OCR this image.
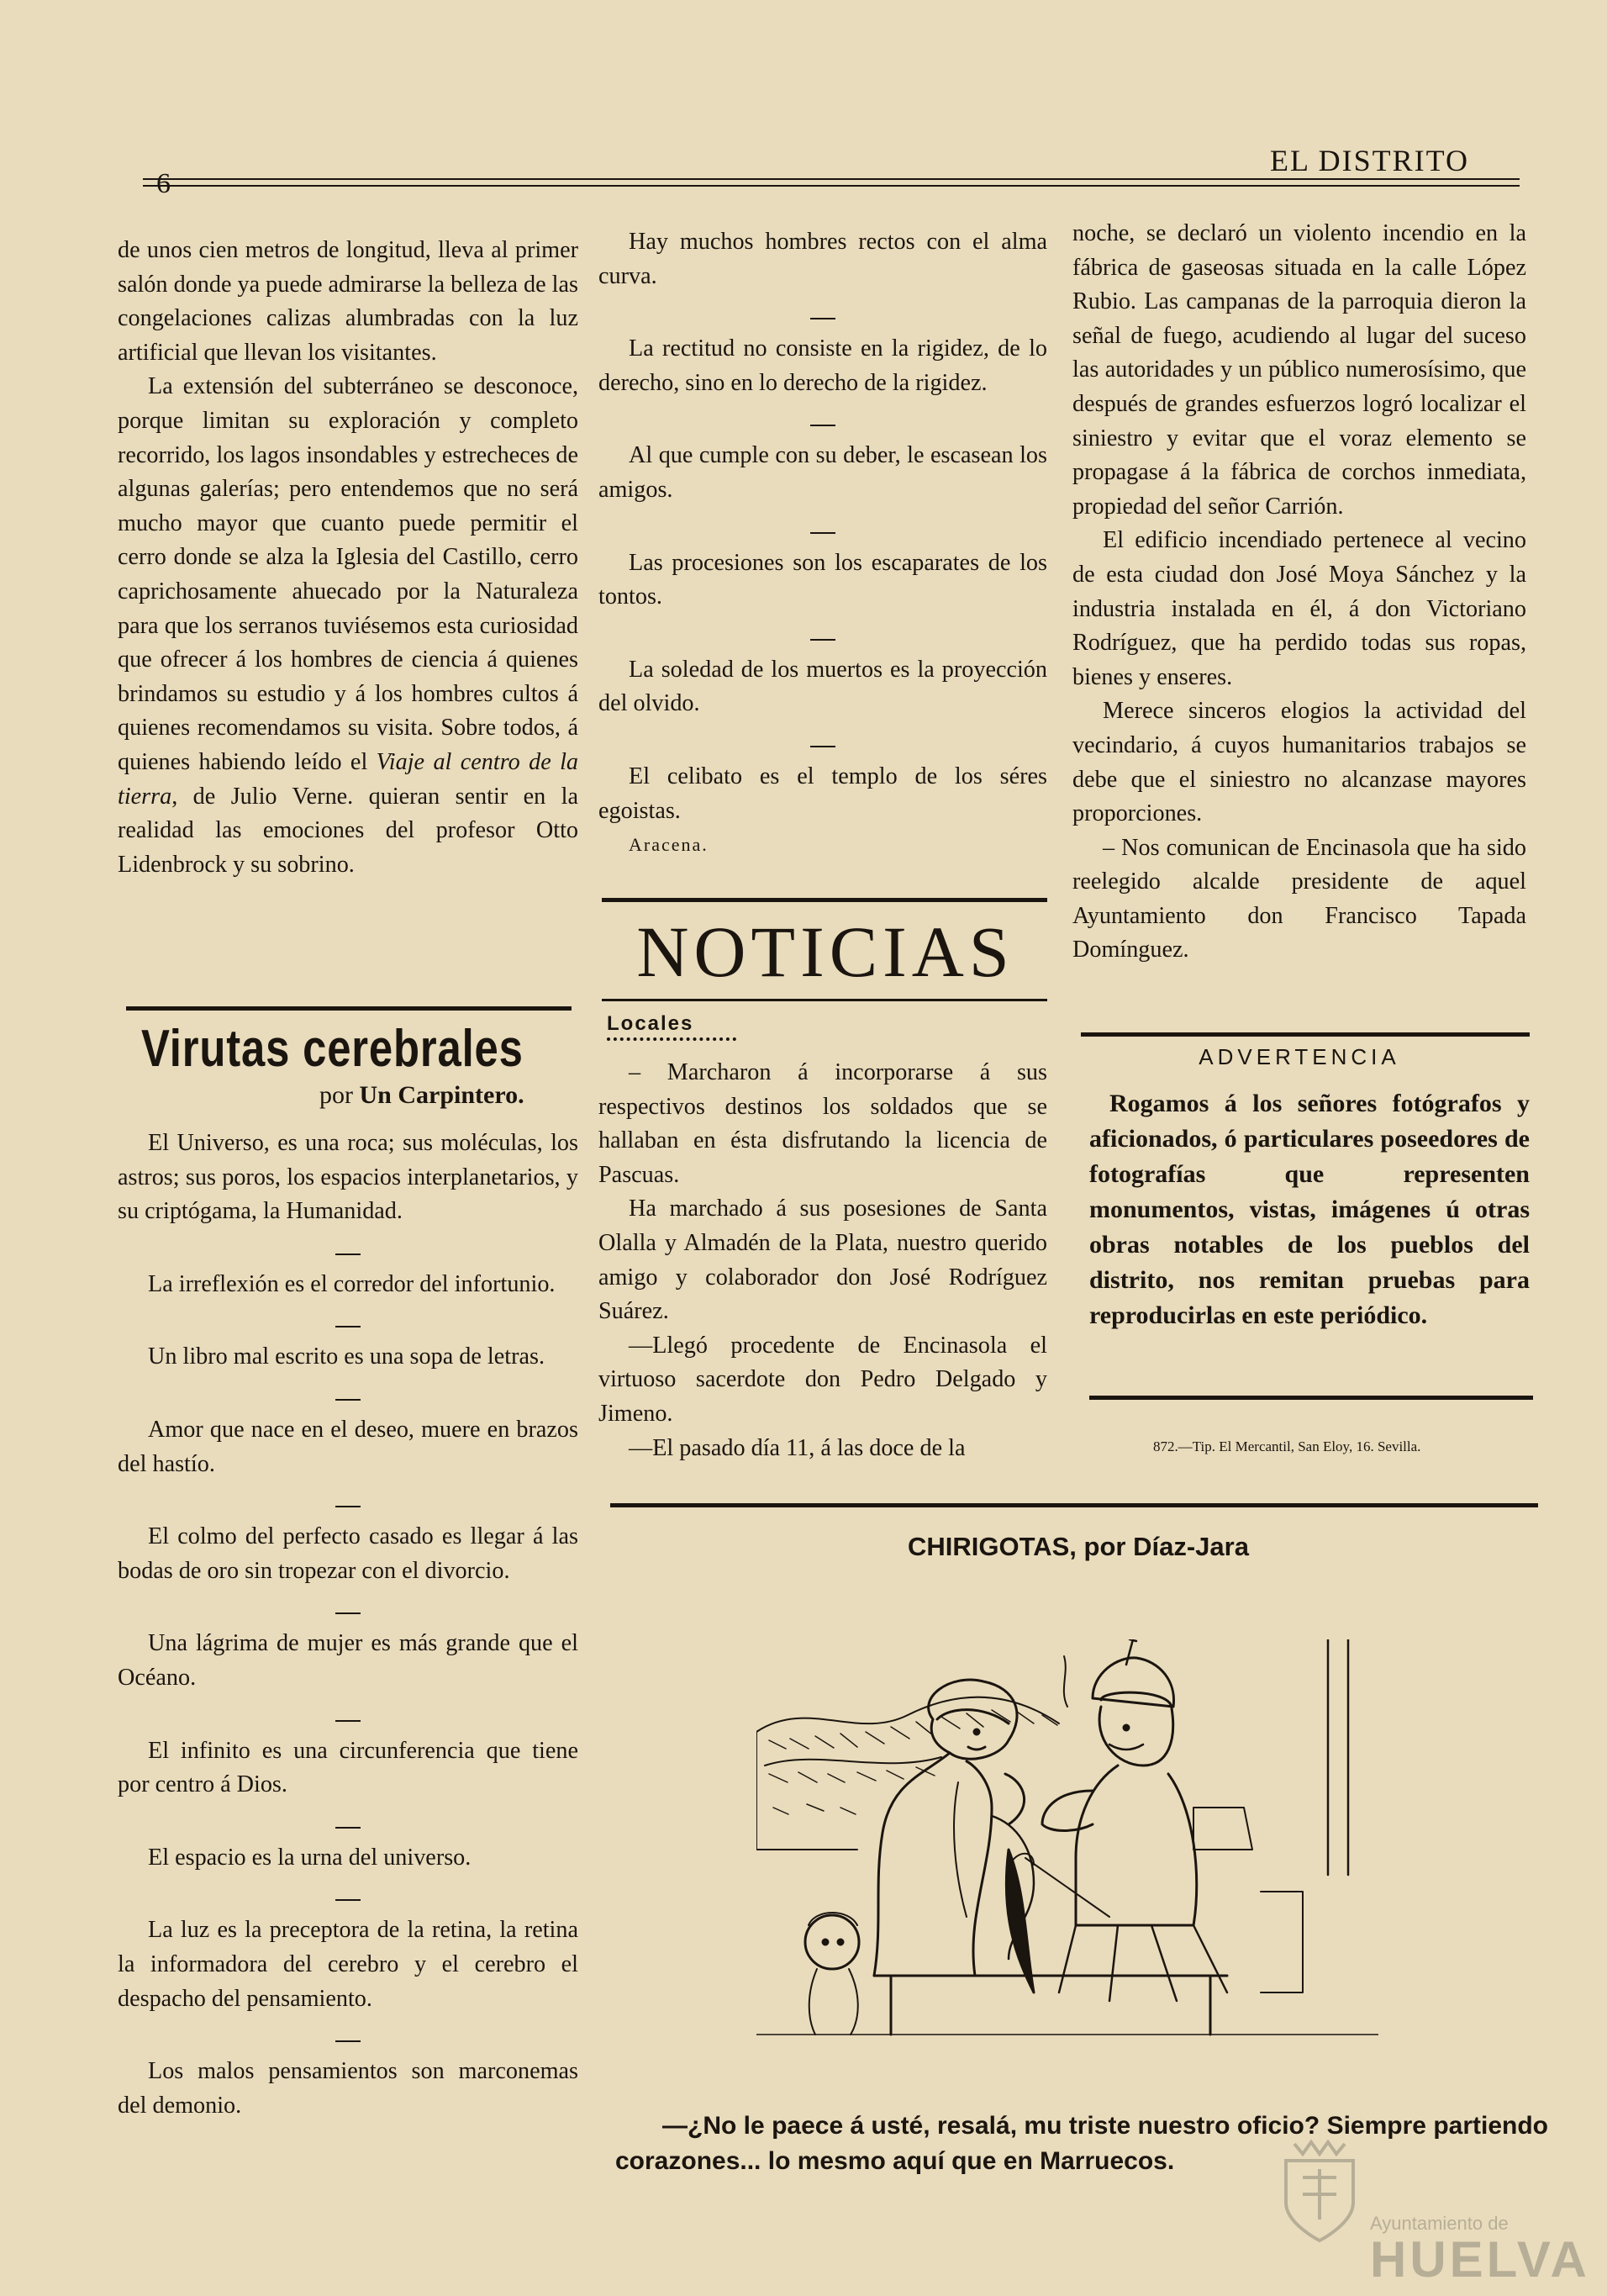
6
EL DISTRITO

de unos cien metros de longitud, lleva al primer salón donde ya puede admirarse la belleza de las congelaciones calizas alumbradas con la luz artificial que llevan los visitantes.

La extensión del subterráneo se desconoce, porque limitan su exploración y completo recorrido, los lagos insondables y estrecheces de algunas galerías; pero entendemos que no será mucho mayor que cuanto puede permitir el cerro donde se alza la Iglesia del Castillo, cerro caprichosamente ahuecado por la Naturaleza para que los serranos tuviésemos esta curiosidad que ofrecer á los hombres de ciencia á quienes brindamos su estudio y á los hombres cultos á quienes recomendamos su visita. Sobre todos, á quienes habiendo leído el Viaje al centro de la tierra, de Julio Verne. quieran sentir en la realidad las emociones del profesor Otto Lidenbrock y su sobrino.

Virutas cerebrales
por Un Carpintero.

El Universo, es una roca; sus moléculas, los astros; sus poros, los espacios interplanetarios, y su criptógama, la Humanidad.

La irreflexión es el corredor del infortunio.

Un libro mal escrito es una sopa de letras.

Amor que nace en el deseo, muere en brazos del hastío.

El colmo del perfecto casado es llegar á las bodas de oro sin tropezar con el divorcio.

Una lágrima de mujer es más grande que el Océano.

El infinito es una circunferencia que tiene por centro á Dios.

El espacio es la urna del universo.

La luz es la preceptora de la retina, la retina la informadora del cerebro y el cerebro el despacho del pensamiento.

Los malos pensamientos son marconemas del demonio.

Hay muchos hombres rectos con el alma curva.

La rectitud no consiste en la rigidez, de lo derecho, sino en lo derecho de la rigidez.

Al que cumple con su deber, le escasean los amigos.

Las procesiones son los escaparates de los tontos.

La soledad de los muertos es la proyección del olvido.

El celibato es el templo de los séres egoistas.

Aracena.

NOTICIAS
Locales

– Marcharon á incorporarse á sus respectivos destinos los soldados que se hallaban en ésta disfrutando la licencia de Pascuas.

Ha marchado á sus posesiones de Santa Olalla y Almadén de la Plata, nuestro querido amigo y colaborador don José Rodríguez Suárez.

—Llegó procedente de Encinasola el virtuoso sacerdote don Pedro Delgado y Jimeno.

—El pasado día 11, á las doce de la

noche, se declaró un violento incendio en la fábrica de gaseosas situada en la calle López Rubio. Las campanas de la parroquia dieron la señal de fuego, acudiendo al lugar del suceso las autoridades y un público numerosísimo, que después de grandes esfuerzos logró localizar el siniestro y evitar que el voraz elemento se propagase á la fábrica de corchos inmediata, propiedad del señor Carrión.

El edificio incendiado pertenece al vecino de esta ciudad don José Moya Sánchez y la industria instalada en él, á don Victoriano Rodríguez, que ha perdido todas sus ropas, bienes y enseres.

Merece sinceros elogios la actividad del vecindario, á cuyos humanitarios trabajos se debe que el siniestro no alcanzase mayores proporciones.

– Nos comunican de Encinasola que ha sido reelegido alcalde presidente de aquel Ayuntamiento don Francisco Tapada Domínguez.

ADVERTENCIA
Rogamos á los señores fotógrafos y aficionados, ó particulares poseedores de fotografías que representen monumentos, vistas, imágenes ú otras obras notables de los pueblos del distrito, nos remitan pruebas para reproducirlas en este periódico.
872.—Tip. El Mercantil, San Eloy, 16. Sevilla.
CHIRIGOTAS, por Díaz-Jara
—¿No le paece á usté, resalá, mu triste nuestro oficio? Siempre partiendo corazones... lo mesmo aquí que en Marruecos.
Ayuntamiento de
HUELVA
